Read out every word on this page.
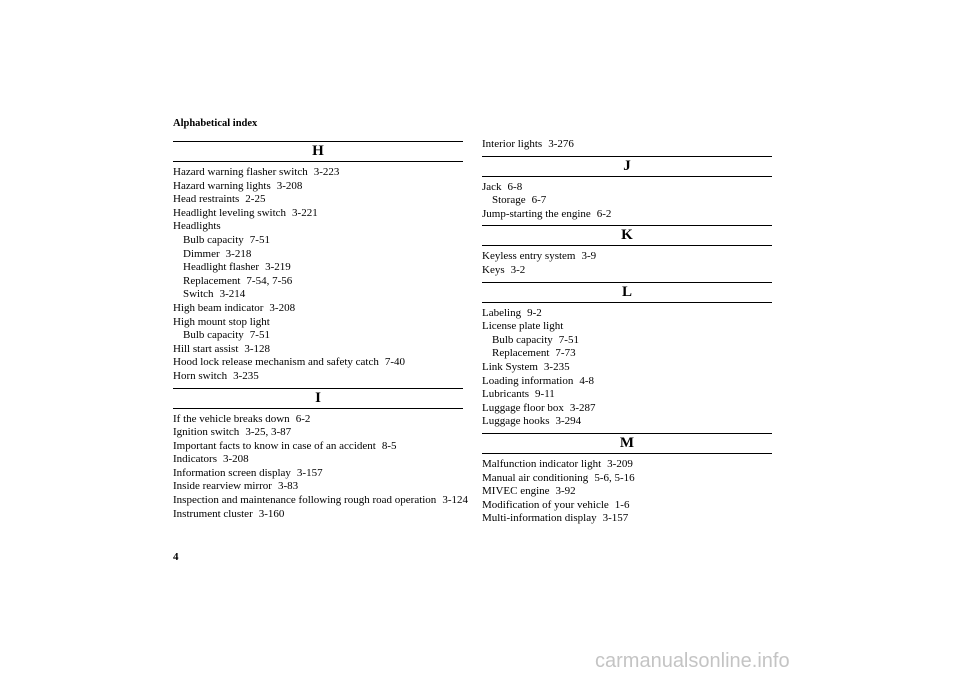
Alphabetical index
H
Hazard warning flasher switch 3-223
Hazard warning lights 3-208
Head restraints 2-25
Headlight leveling switch 3-221
Headlights
Bulb capacity 7-51
Dimmer 3-218
Headlight flasher 3-219
Replacement 7-54, 7-56
Switch 3-214
High beam indicator 3-208
High mount stop light
Bulb capacity 7-51
Hill start assist 3-128
Hood lock release mechanism and safety catch 7-40
Horn switch 3-235
I
If the vehicle breaks down 6-2
Ignition switch 3-25, 3-87
Important facts to know in case of an accident 8-5
Indicators 3-208
Information screen display 3-157
Inside rearview mirror 3-83
Inspection and maintenance following rough road operation 3-124
Instrument cluster 3-160
Interior lights 3-276
J
Jack 6-8
Storage 6-7
Jump-starting the engine 6-2
K
Keyless entry system 3-9
Keys 3-2
L
Labeling 9-2
License plate light
Bulb capacity 7-51
Replacement 7-73
Link System 3-235
Loading information 4-8
Lubricants 9-11
Luggage floor box 3-287
Luggage hooks 3-294
M
Malfunction indicator light 3-209
Manual air conditioning 5-6, 5-16
MIVEC engine 3-92
Modification of your vehicle 1-6
Multi-information display 3-157
4
carmanualsonline.info
